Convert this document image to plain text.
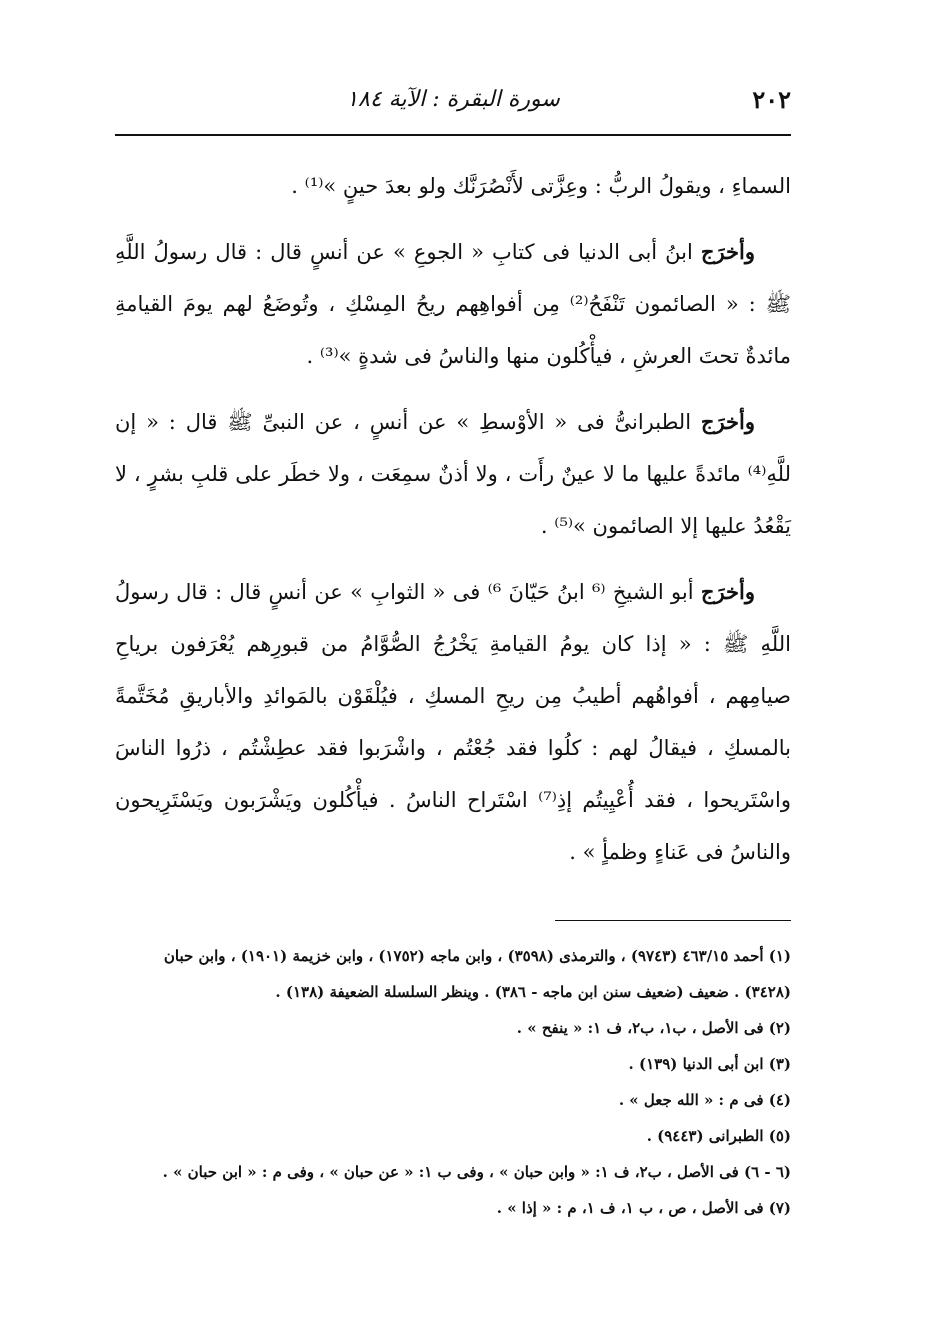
٢٠٢
سورة البقرة : الآية ١٨٤

السماءِ ، ويقولُ الربُّ : وعِزَّتى لأَنْصُرَنَّك ولو بعدَ حينٍ »⁽¹⁾ .

وأخرَج ابنُ أبى الدنيا فى كتابِ « الجوعِ » عن أنسٍ قال : قال رسولُ اللَّهِ ﷺ : « الصائمون تَنْفَحُ⁽²⁾ مِن أفواهِهم ريحُ المِسْكِ ، وتُوضَعُ لهم يومَ القيامةِ مائدةٌ تحتَ العرشِ ، فيأْكُلون منها والناسُ فى شدةٍ »⁽³⁾ .

وأخرَج الطبرانىُّ فى « الأوْسطِ » عن أنسٍ ، عن النبىِّ ﷺ قال : « إن للَّهِ⁽⁴⁾ مائدةً عليها ما لا عينٌ رأَت ، ولا أذنٌ سمِعَت ، ولا خطَر على قلبِ بشرٍ ، لا يَقْعُدُ عليها إلا الصائمون »⁽⁵⁾ .

وأخرَج أبو الشيخِ ⁽⁶ ابنُ حَيّانَ ⁶⁾ فى « الثوابِ » عن أنسٍ قال : قال رسولُ اللَّهِ ﷺ : « إذا كان يومُ القيامةِ يَخْرُجُ الصُّوَّامُ من قبورِهم يُعْرَفون برياحِ صيامِهم ، أفواهُهم أطيبُ مِن ريحِ المسكِ ، فيُلْقَوْن بالمَوائدِ والأباريقِ مُخَتَّمةً بالمسكِ ، فيقالُ لهم : كلُوا فقد جُعْتُم ، واشْرَبوا فقد عطِشْتُم ، ذرُوا الناسَ واسْتَريحوا ، فقد أُعْيِيتُم إذِ⁽⁷⁾ اسْتَراح الناسُ . فيأْكُلون ويَشْرَبون ويَسْتَرِيحون والناسُ فى عَناءٍ وظمأٍ » .

(١) أحمد ٤٦٣/١٥ (٩٧٤٣) ، والترمذى (٣٥٩٨) ، وابن ماجه (١٧٥٢) ، وابن خزيمة (١٩٠١) ، وابن حبان (٣٤٢٨) . ضعيف (ضعيف سنن ابن ماجه - ٣٨٦) . وينظر السلسلة الضعيفة (١٣٨) .

(٢) فى الأصل ، ب١، ب٢، ف ١: « ينفح » .

(٣) ابن أبى الدنيا (١٣٩) .

(٤) فى م : « الله جعل » .

(٥) الطبرانى (٩٤٤٣) .

(٦ - ٦) فى الأصل ، ب٢، ف ١: « وابن حبان » ، وفى ب ١: « عن حبان » ، وفى م : « ابن حبان » .

(٧) فى الأصل ، ص ، ب ١، ف ١، م : « إذا » .
